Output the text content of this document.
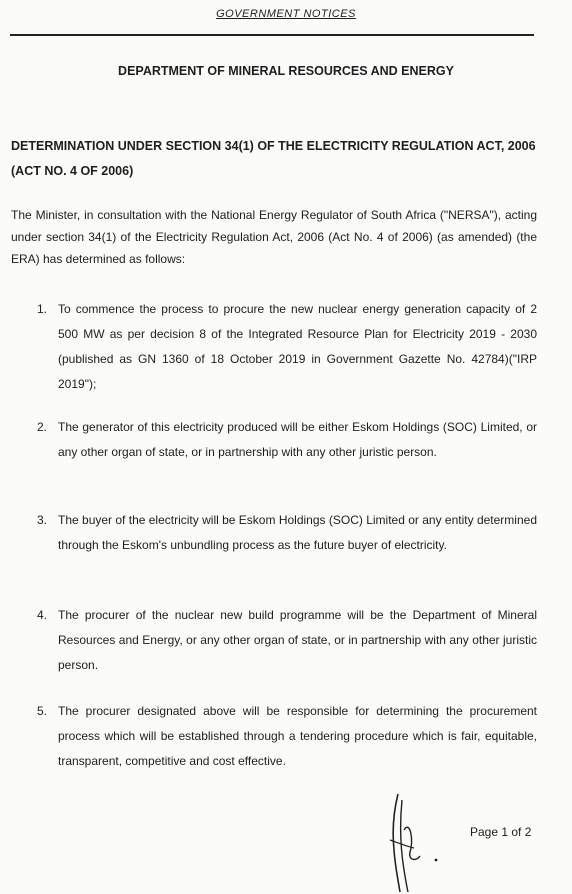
GOVERNMENT NOTICES
DEPARTMENT OF MINERAL RESOURCES AND ENERGY
DETERMINATION UNDER SECTION 34(1) OF THE ELECTRICITY REGULATION ACT, 2006 (ACT NO. 4 OF 2006)
The Minister, in consultation with the National Energy Regulator of South Africa ("NERSA"), acting under section 34(1) of the Electricity Regulation Act, 2006 (Act No. 4 of 2006) (as amended) (the ERA) has determined as follows:
1. To commence the process to procure the new nuclear energy generation capacity of 2 500 MW as per decision 8 of the Integrated Resource Plan for Electricity 2019 - 2030 (published as GN 1360 of 18 October 2019 in Government Gazette No. 42784)("IRP 2019");
2. The generator of this electricity produced will be either Eskom Holdings (SOC) Limited, or any other organ of state, or in partnership with any other juristic person.
3. The buyer of the electricity will be Eskom Holdings (SOC) Limited or any entity determined through the Eskom's unbundling process as the future buyer of electricity.
4. The procurer of the nuclear new build programme will be the Department of Mineral Resources and Energy, or any other organ of state, or in partnership with any other juristic person.
5. The procurer designated above will be responsible for determining the procurement process which will be established through a tendering procedure which is fair, equitable, transparent, competitive and cost effective.
Page 1 of 2
